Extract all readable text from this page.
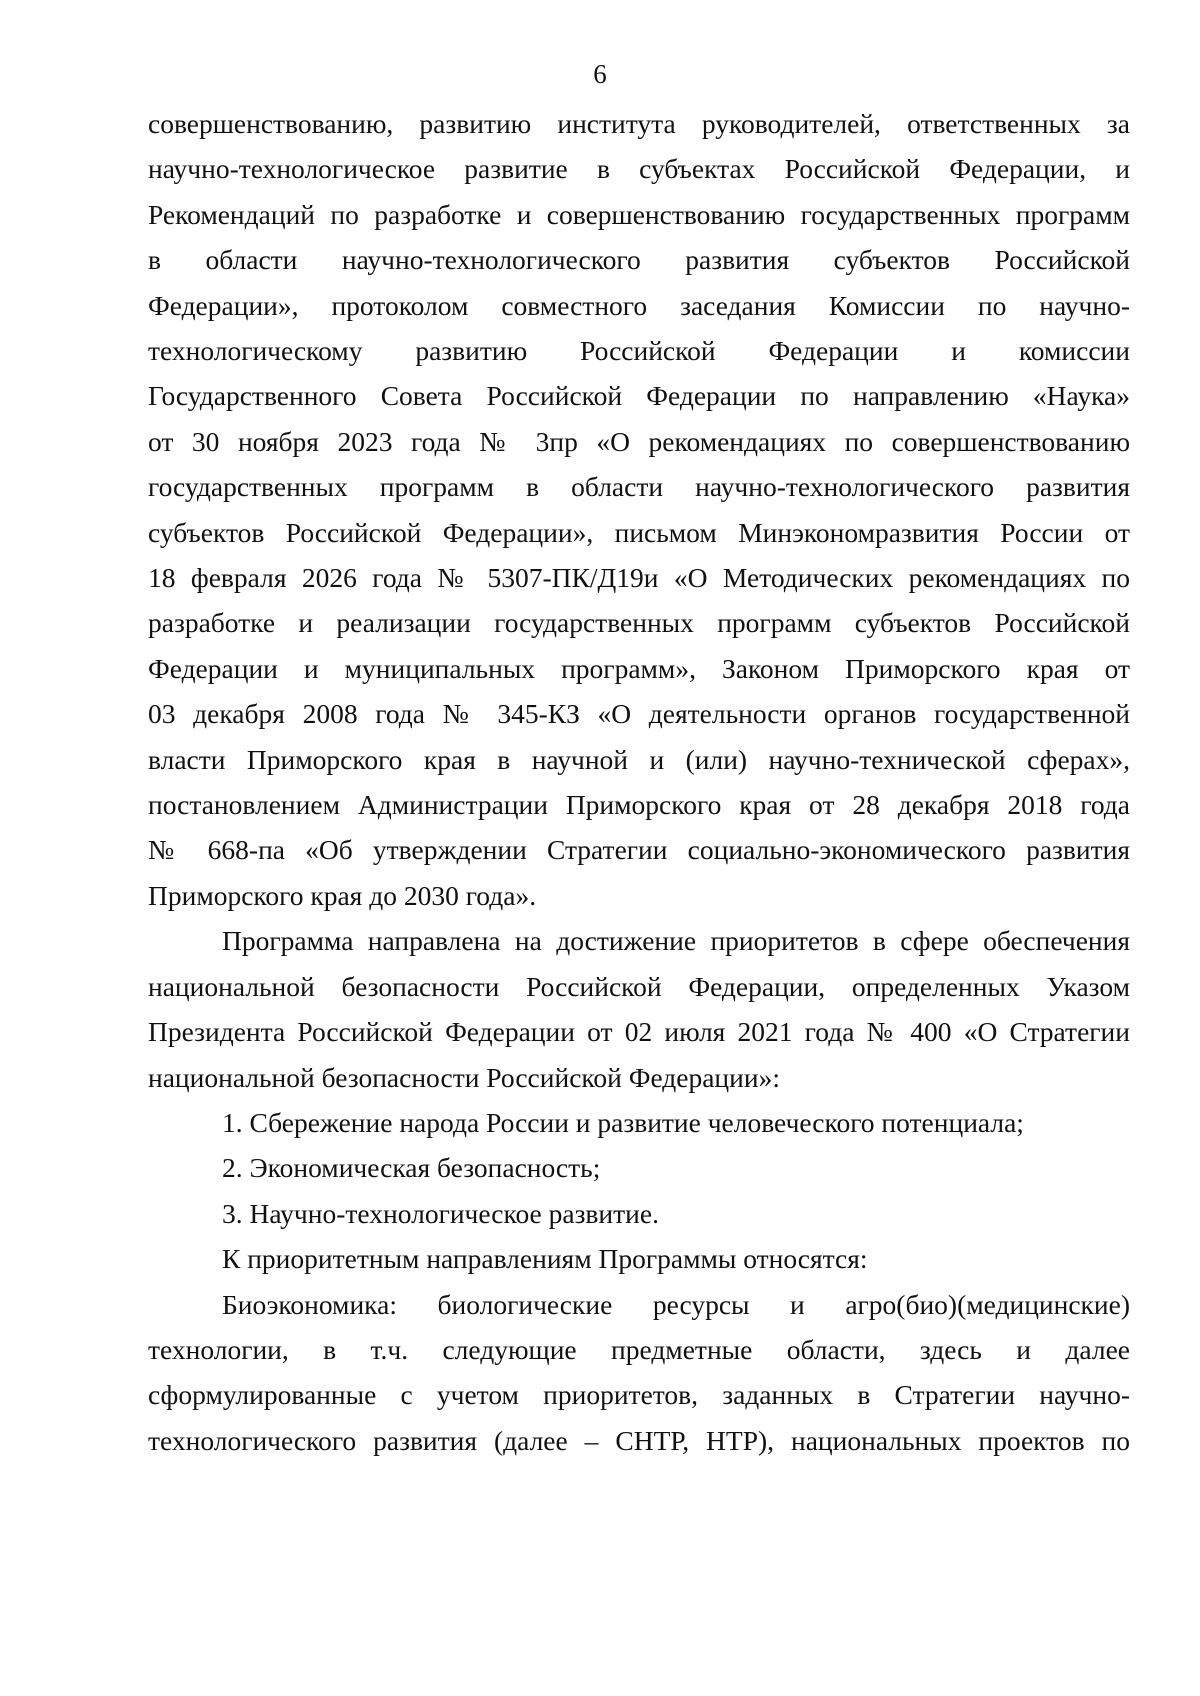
6
совершенствованию, развитию института руководителей, ответственных за
научно-технологическое развитие в субъектах Российской Федерации, и
Рекомендаций по разработке и совершенствованию государственных программ
в области научно-технологического развития субъектов Российской
Федерации», протоколом совместного заседания Комиссии по научно-
технологическому развитию Российской Федерации и комиссии
Государственного Совета Российской Федерации по направлению «Наука»
от 30 ноября 2023 года № 3пр «О рекомендациях по совершенствованию
государственных программ в области научно-технологического развития
субъектов Российской Федерации», письмом Минэкономразвития России от
18 февраля 2026 года № 5307-ПК/Д19и «О Методических рекомендациях по
разработке и реализации государственных программ субъектов Российской
Федерации и муниципальных программ», Законом Приморского края от
03 декабря 2008 года № 345-КЗ «О деятельности органов государственной
власти Приморского края в научной и (или) научно-технической сферах»,
постановлением Администрации Приморского края от 28 декабря 2018 года
№ 668-па «Об утверждении Стратегии социально-экономического развития
Приморского края до 2030 года».
Программа направлена на достижение приоритетов в сфере обеспечения
национальной безопасности Российской Федерации, определенных Указом
Президента Российской Федерации от 02 июля 2021 года № 400 «О Стратегии
национальной безопасности Российской Федерации»:
1. Сбережение народа России и развитие человеческого потенциала;
2. Экономическая безопасность;
3. Научно-технологическое развитие.
К приоритетным направлениям Программы относятся:
Биоэкономика: биологические ресурсы и агро(био)(медицинские)
технологии, в т.ч. следующие предметные области, здесь и далее
сформулированные с учетом приоритетов, заданных в Стратегии научно-
технологического развития (далее – СНТР, НТР), национальных проектов по
